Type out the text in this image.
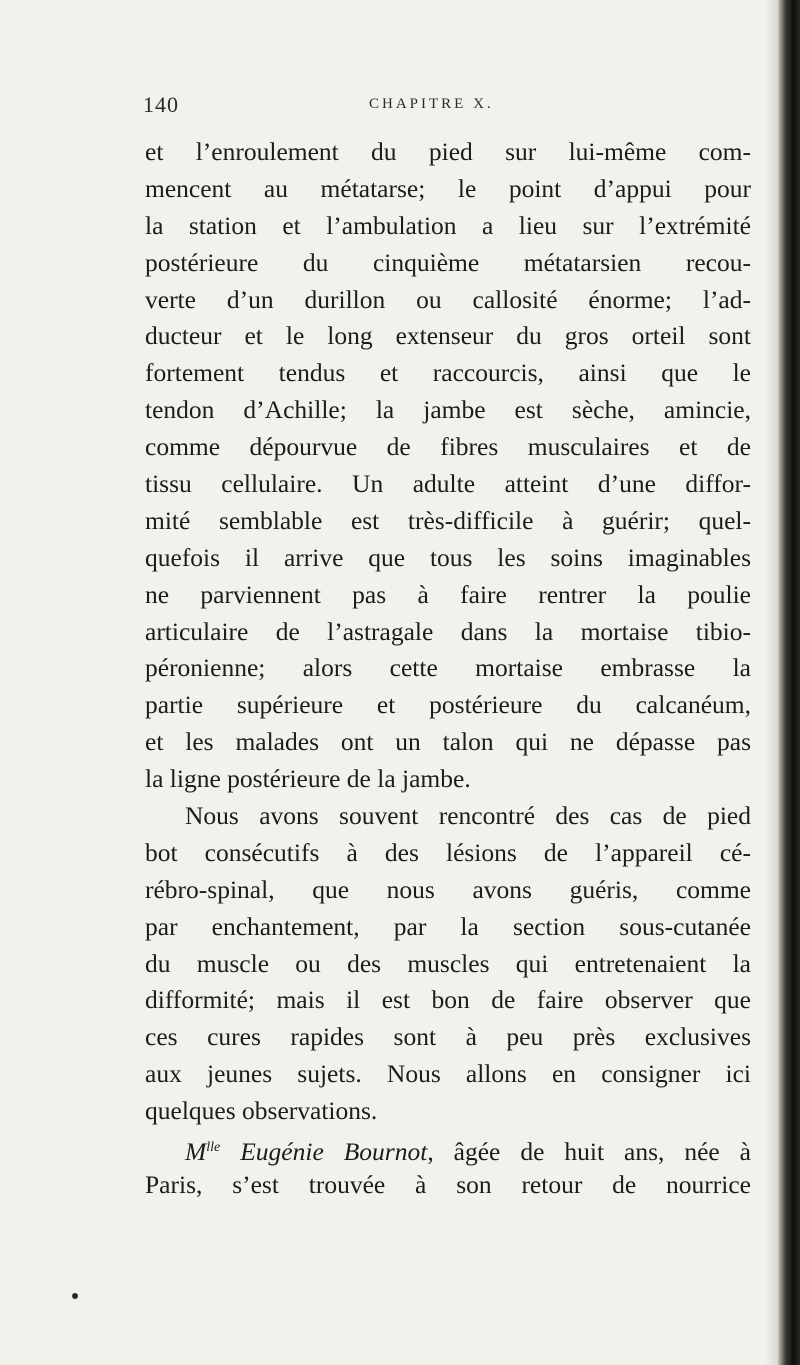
140	CHAPITRE X.
et l’enroulement du pied sur lui-même com-
mencent au métatarse; le point d’appui pour
la station et l’ambulation a lieu sur l’extrémité
postérieure du cinquième métatarsien recou-
verte d’un durillon ou callosité énorme; l’ad-
ducteur et le long extenseur du gros orteil sont
fortement tendus et raccourcis, ainsi que le
tendon d’Achille; la jambe est sèche, amincie,
comme dépourvue de fibres musculaires et de
tissu cellulaire. Un adulte atteint d’une diffor-
mité semblable est très-difficile à guérir; quel-
quefois il arrive que tous les soins imaginables
ne parviennent pas à faire rentrer la poulie
articulaire de l’astragale dans la mortaise tibio-
péronienne; alors cette mortaise embrasse la
partie supérieure et postérieure du calcanéum,
et les malades ont un talon qui ne dépasse pas
la ligne postérieure de la jambe.
Nous avons souvent rencontré des cas de pied
bot consécutifs à des lésions de l’appareil cé-
rébro-spinal, que nous avons guéris, comme
par enchantement, par la section sous-cutanée
du muscle ou des muscles qui entretenaient la
difformité; mais il est bon de faire observer que
ces cures rapides sont à peu près exclusives
aux jeunes sujets. Nous allons en consigner ici
quelques observations.
$M^{lle}$ Eugénie Bournot, âgée de huit ans, née à
Paris, s’est trouvée à son retour de nourrice
